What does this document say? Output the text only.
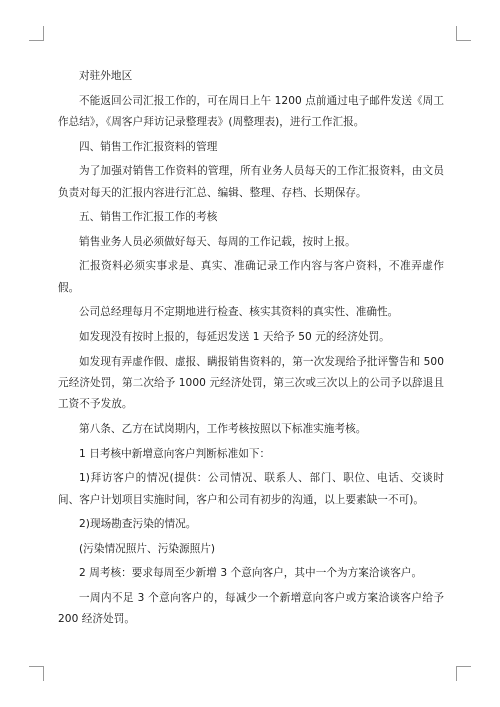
对驻外地区

不能返回公司汇报工作的，可在周日上午 1200 点前通过电子邮件发送《周工作总结》，《周客户拜访记录整理表》(周整理表)，进行工作汇报。

四、销售工作汇报资料的管理

为了加强对销售工作资料的管理，所有业务人员每天的工作汇报资料，由文员负责对每天的汇报内容进行汇总、编辑、整理、存档、长期保存。

五、销售工作汇报工作的考核

销售业务人员必须做好每天、每周的工作记载，按时上报。

汇报资料必须实事求是、真实、准确记录工作内容与客户资料，不准弄虚作假。

公司总经理每月不定期地进行检查、核实其资料的真实性、准确性。

如发现没有按时上报的，每延迟发送 1 天给予 50 元的经济处罚。

如发现有弄虚作假、虚报、瞒报销售资料的，第一次发现给予批评警告和 500 元经济处罚，第二次给予 1000 元经济处罚，第三次或三次以上的公司予以辞退且工资不予发放。

第八条、乙方在试岗期内，工作考核按照以下标准实施考核。

1 日考核中新增意向客户判断标准如下：

1)拜访客户的情况(提供：公司情况、联系人、部门、职位、电话、交谈时间、客户计划项目实施时间，客户和公司有初步的沟通，以上要素缺一不可)。

2)现场勘查污染的情况。

(污染情况照片、污染源照片)

2 周考核：要求每周至少新增 3 个意向客户，其中一个为方案洽谈客户。

一周内不足 3 个意向客户的，每减少一个新增意向客户或方案洽谈客户给予 200 经济处罚。
